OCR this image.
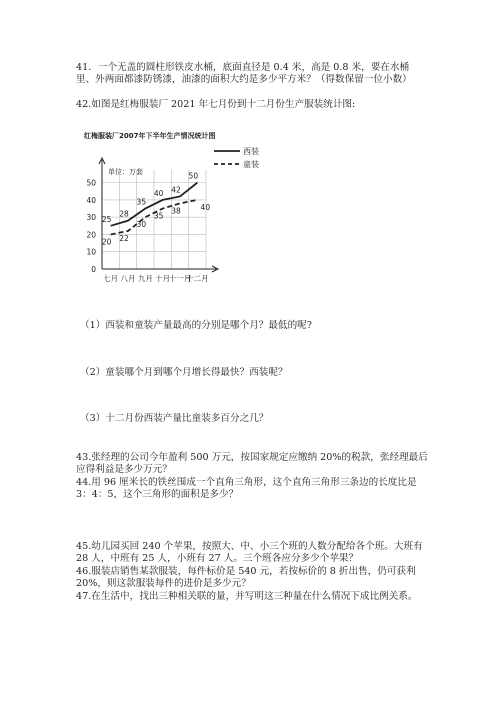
41．一个无盖的圆柱形铁皮水桶，底面直径是 0.4 米，高是 0.8 米，要在水桶里、外两面都漆防锈漆，油漆的面积大约是多少平方米？（得数保留一位小数）

42.如图是红梅服装厂 2021 年七月份到十二月份生产服装统计图:

红梅服装厂2007年下半年生产情况统计图
单位：万套
0
10
20
30
40
50
七月 八月 九月 十月
十一月
十二月
25
28
35
40 42
50
20 22
30
35
38	40
西装
童装

（1）西装和童装产量最高的分别是哪个月？最低的呢?

（2）童装哪个月到哪个月增长得最快？西装呢？

（3）十二月份西装产量比童装多百分之几？

43.张经理的公司今年盈利 500 万元，按国家规定应缴纳 20%的税款，张经理最后应得利益是多少万元？

44.用 96 厘米长的铁丝围成一个直角三角形，这个直角三角形三条边的长度比是 3：4：5，这个三角形的面积是多少？

45.幼儿园买回 240 个苹果，按照大、中、小三个班的人数分配给各个班。大班有 28 人，中班有 25 人，小班有 27 人。三个班各应分多少个苹果？

46.服装店销售某款服装，每件标价是 540 元，若按标价的 8 折出售，仍可获利 20%，则这款服装每件的进价是多少元？

47.在生活中，找出三种相关联的量，并写明这三种量在什么情况下成比例关系。
